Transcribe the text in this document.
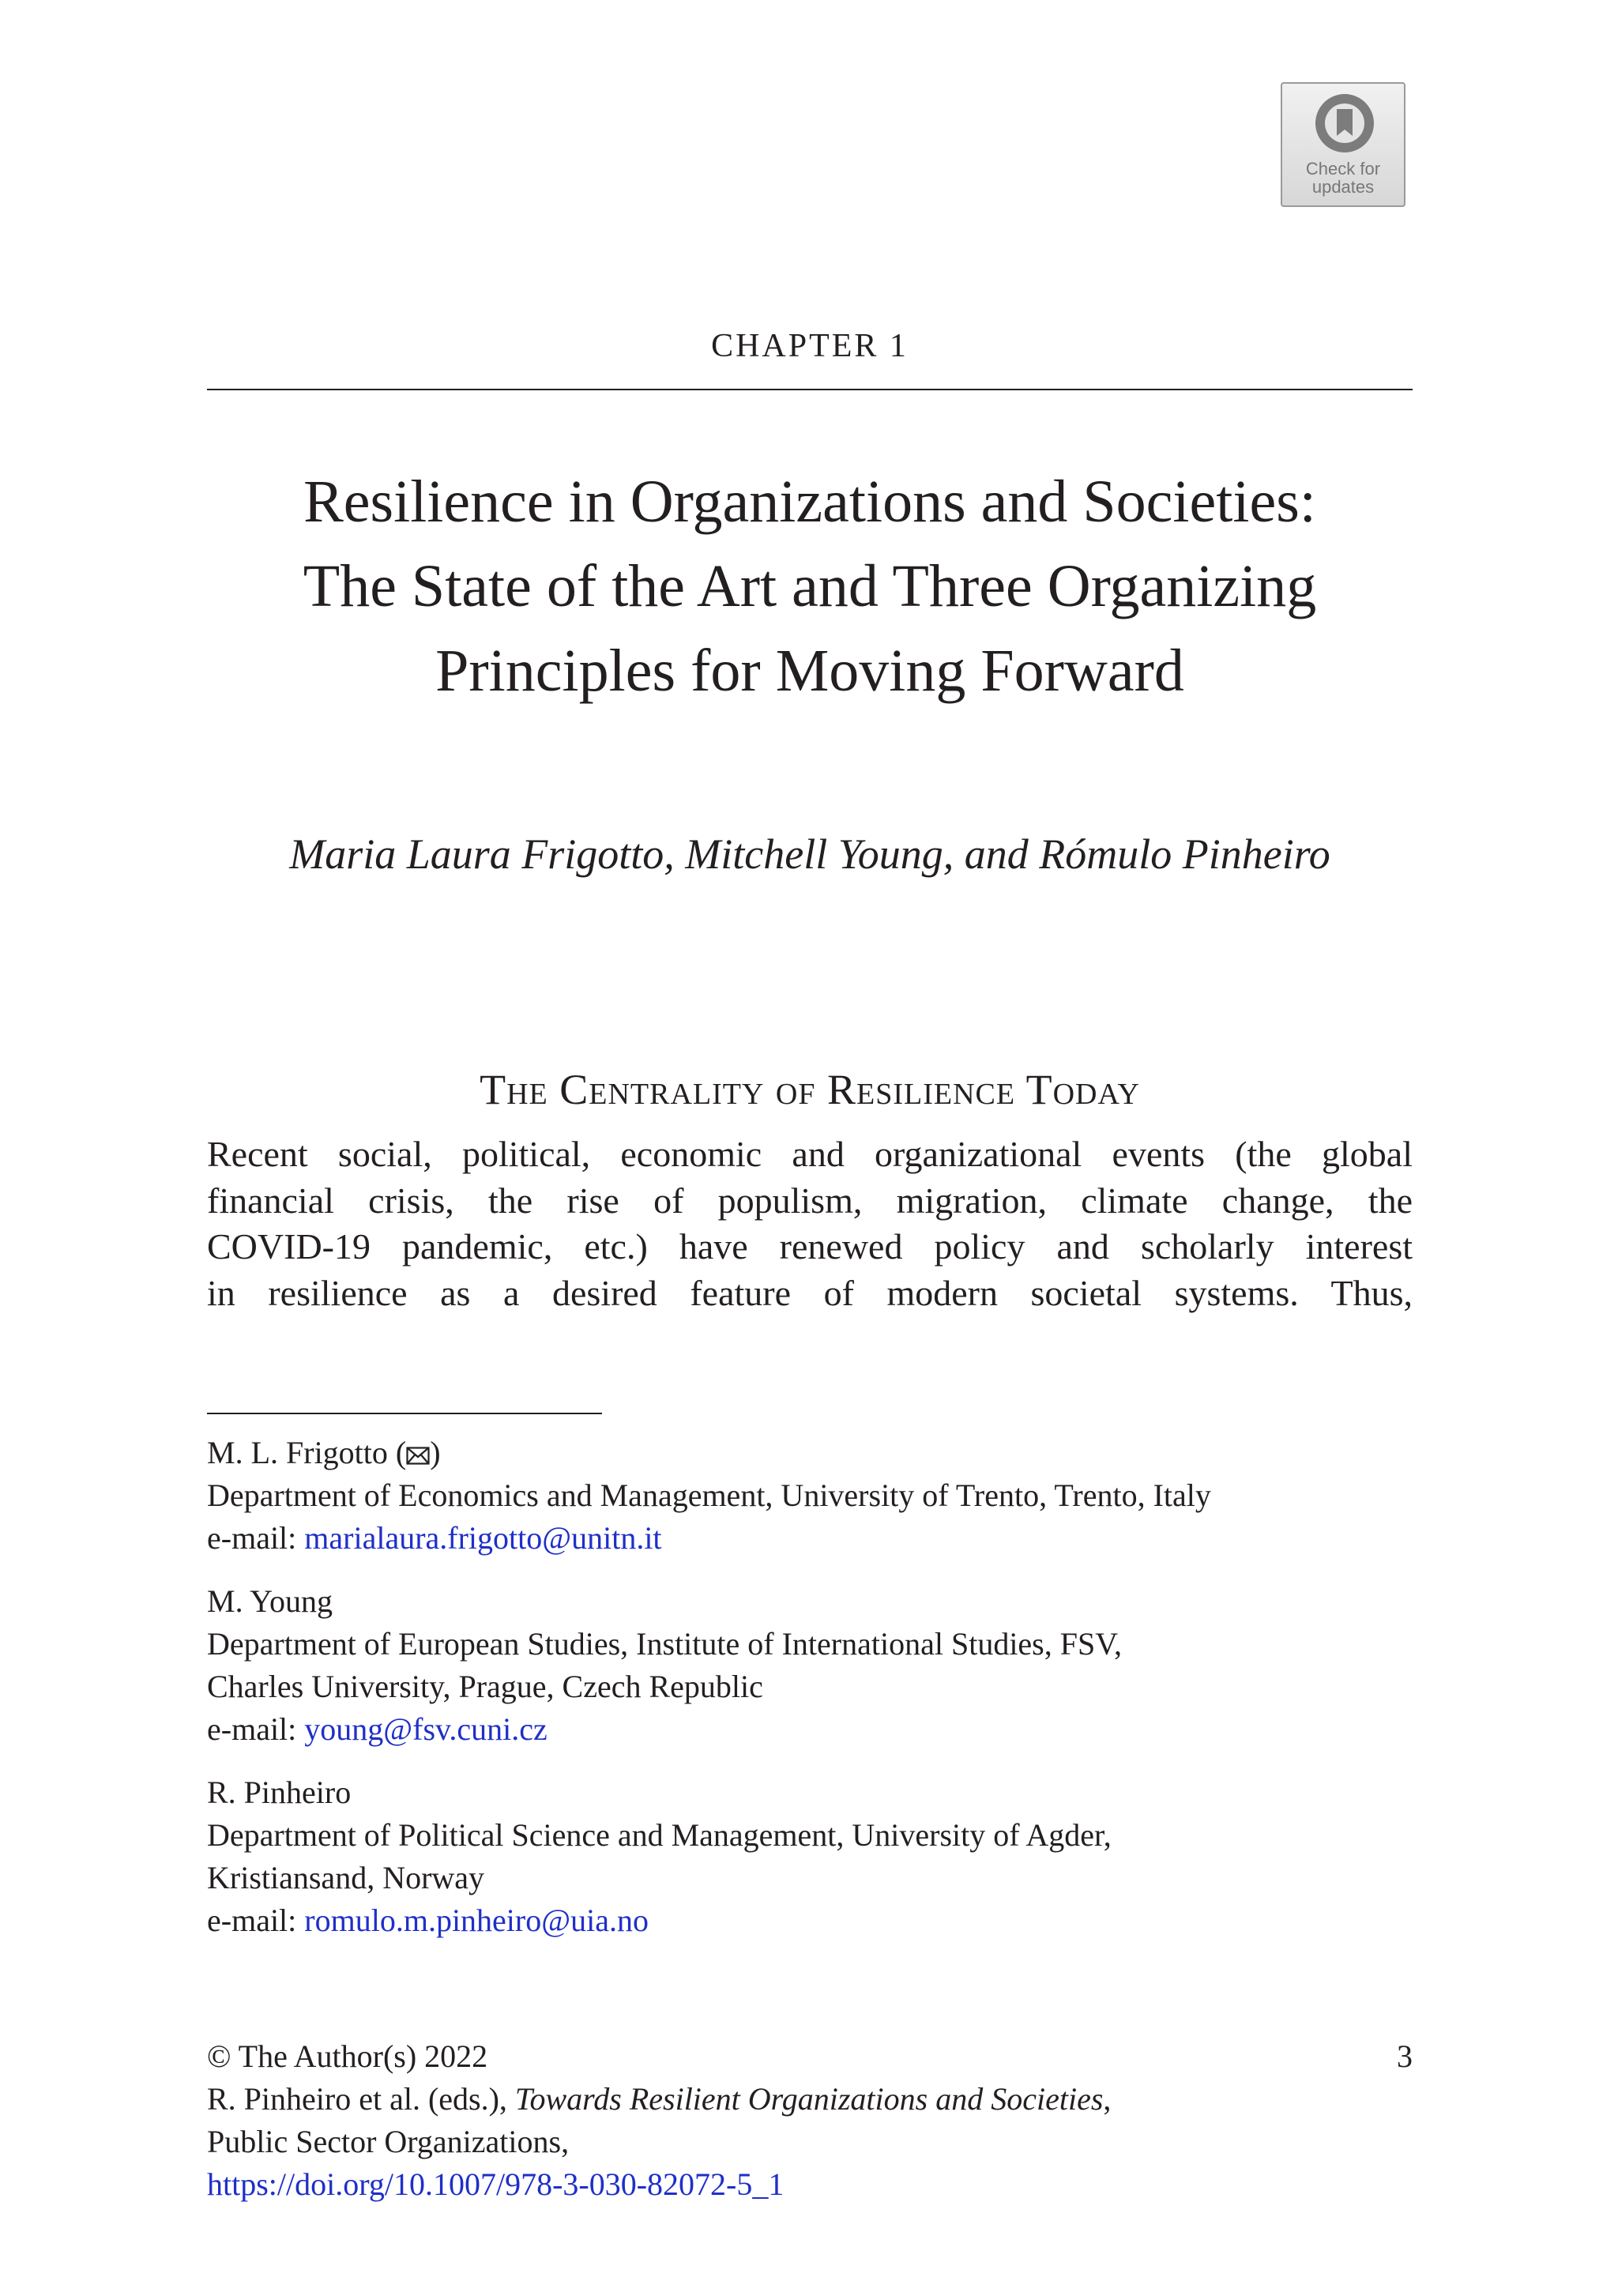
Check for
updates
CHAPTER 1
Resilience in Organizations and Societies:
The State of the Art and Three Organizing
Principles for Moving Forward
Maria Laura Frigotto, Mitchell Young, and Rómulo Pinheiro
The Centrality of Resilience Today
Recent social, political, economic and organizational events (the global
financial crisis, the rise of populism, migration, climate change, the
COVID-19 pandemic, etc.) have renewed policy and scholarly interest
in resilience as a desired feature of modern societal systems. Thus,
M. L. Frigotto ( )
Department of Economics and Management, University of Trento, Trento, Italy
e-mail: marialaura.frigotto@unitn.it
M. Young
Department of European Studies, Institute of International Studies, FSV,
Charles University, Prague, Czech Republic
e-mail: young@fsv.cuni.cz
R. Pinheiro
Department of Political Science and Management, University of Agder,
Kristiansand, Norway
e-mail: romulo.m.pinheiro@uia.no
© The Author(s) 2022
R. Pinheiro et al. (eds.), Towards Resilient Organizations and Societies,
Public Sector Organizations,
https://doi.org/10.1007/978-3-030-82072-5_1
3
